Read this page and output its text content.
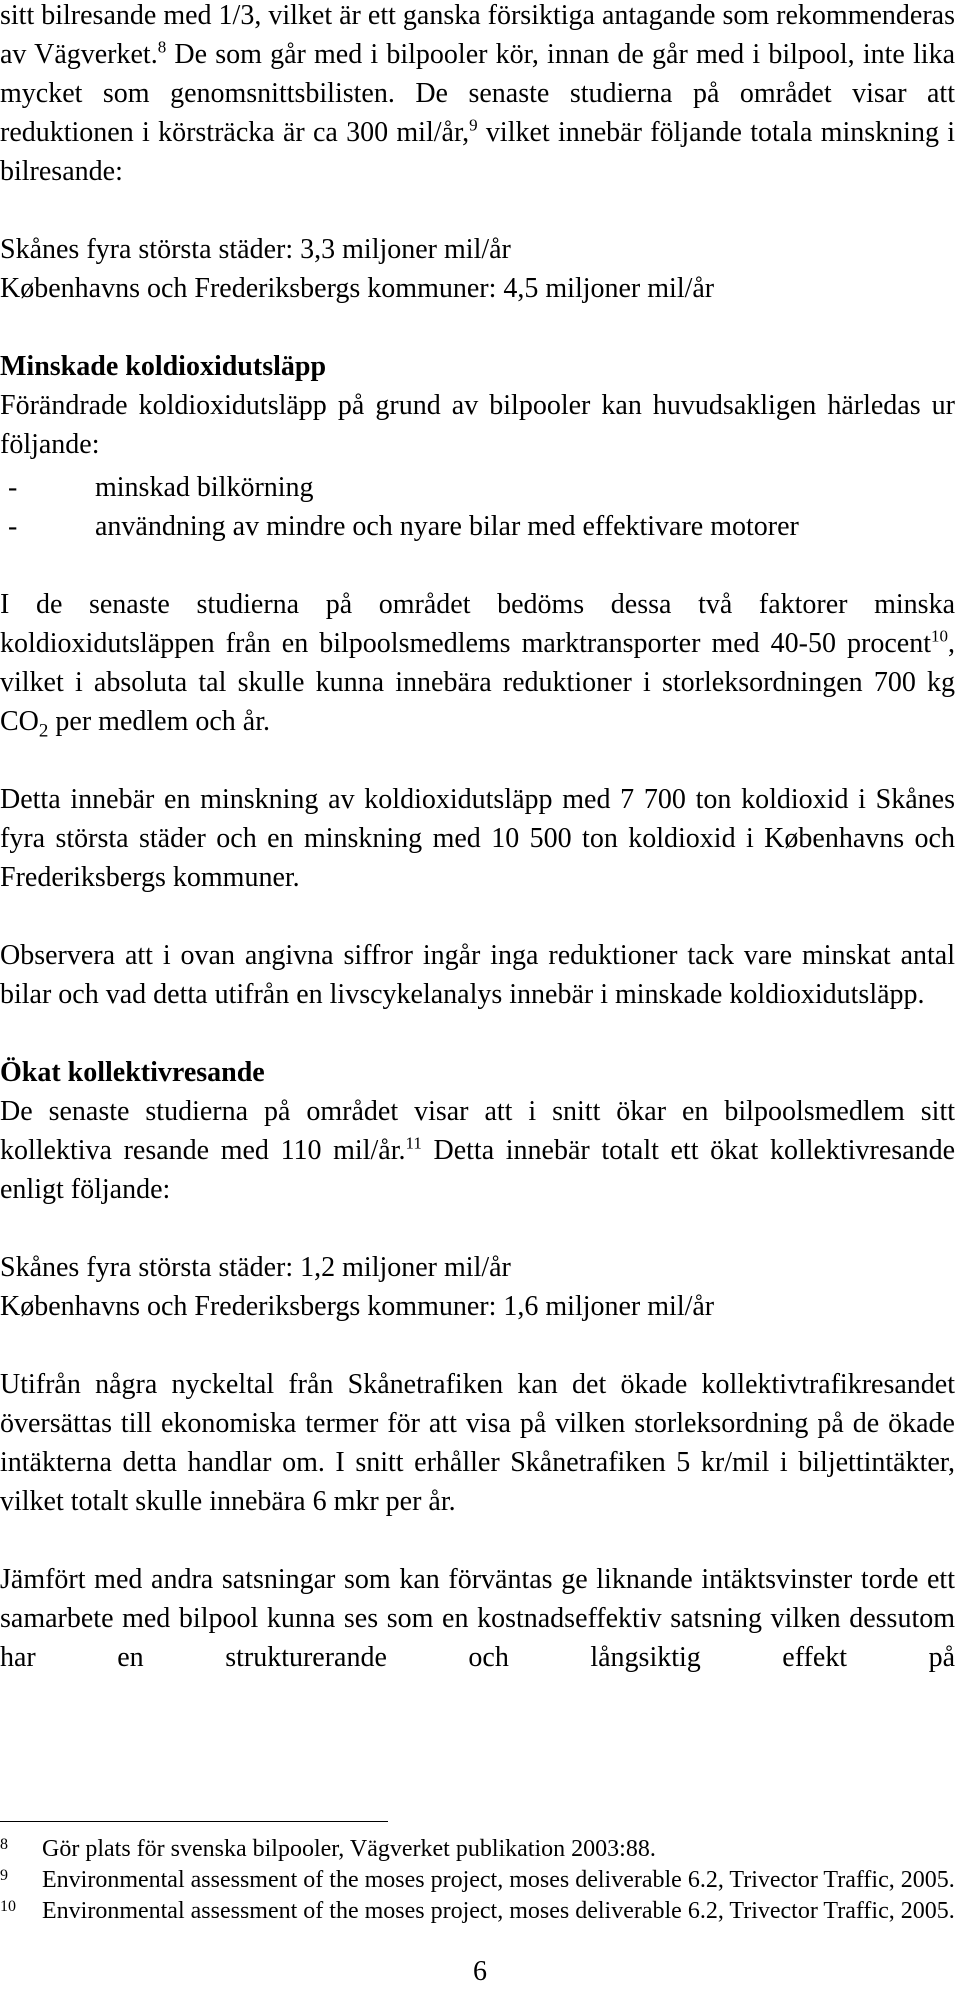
sitt bilresande med 1/3, vilket är ett ganska försiktiga antagande som rekommenderas av Vägverket.$^8$ De som går med i bilpooler kör, innan de går med i bilpool, inte lika mycket som genomsnittsbilisten. De senaste studierna på området visar att reduktionen i körsträcka är ca 300 mil/år,$^9$ vilket innebär följande totala minskning i bilresande:

Skånes fyra största städer: 3,3 miljoner mil/år

Københavns och Frederiksbergs kommuner: 4,5 miljoner mil/år

Minskade koldioxidutsläpp

Förändrade koldioxidutsläpp på grund av bilpooler kan huvudsakligen härledas ur följande:

-	minskad bilkörning
-	användning av mindre och nyare bilar med effektivare motorer

I de senaste studierna på området bedöms dessa två faktorer minska koldioxidutsläppen från en bilpoolsmedlems marktransporter med 40-50 procent$^{10}$, vilket i absoluta tal skulle kunna innebära reduktioner i storleksordningen 700 kg $CO_2$ per medlem och år.

Detta innebär en minskning av koldioxidutsläpp med 7 700 ton koldioxid i Skånes fyra största städer och en minskning med 10 500 ton koldioxid i Københavns och Frederiksbergs kommuner.

Observera att i ovan angivna siffror ingår inga reduktioner tack vare minskat antal bilar och vad detta utifrån en livscykelanalys innebär i minskade koldioxidutsläpp.

Ökat kollektivresande

De senaste studierna på området visar att i snitt ökar en bilpoolsmedlem sitt kollektiva resande med 110 mil/år.$^{11}$ Detta innebär totalt ett ökat kollektivresande enligt följande:

Skånes fyra största städer: 1,2 miljoner mil/år

Københavns och Frederiksbergs kommuner: 1,6 miljoner mil/år

Utifrån några nyckeltal från Skånetrafiken kan det ökade kollektivtrafikresandet översättas till ekonomiska termer för att visa på vilken storleksordning på de ökade intäkterna detta handlar om. I snitt erhåller Skånetrafiken 5 kr/mil i biljettintäkter, vilket totalt skulle innebära 6 mkr per år.

Jämfört med andra satsningar som kan förväntas ge liknande intäktsvinster torde ett samarbete med bilpool kunna ses som en kostnadseffektiv satsning vilken dessutom har en strukturerande och långsiktig effekt på

8 Gör plats för svenska bilpooler, Vägverket publikation 2003:88.
9 Environmental assessment of the moses project, moses deliverable 6.2, Trivector Traffic, 2005.
10 Environmental assessment of the moses project, moses deliverable 6.2, Trivector Traffic, 2005.
6
